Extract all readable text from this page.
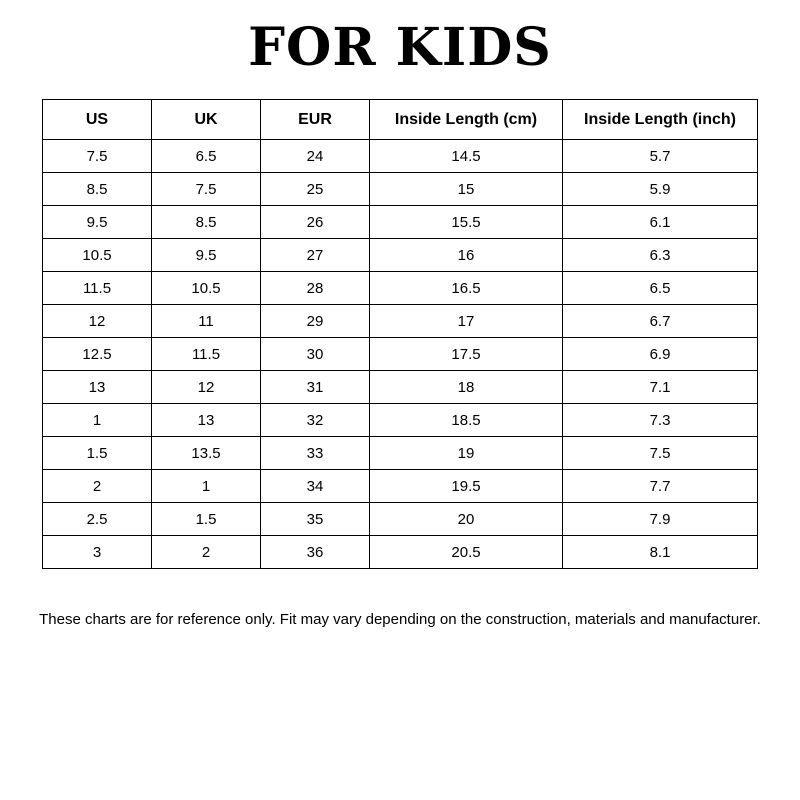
FOR KIDS
US	UK	EUR	Inside Length (cm)	Inside Length (inch)
7.5	6.5	24	14.5	5.7
8.5	7.5	25	15	5.9
9.5	8.5	26	15.5	6.1
10.5	9.5	27	16	6.3
11.5	10.5	28	16.5	6.5
12	11	29	17	6.7
12.5	11.5	30	17.5	6.9
13	12	31	18	7.1
1	13	32	18.5	7.3
1.5	13.5	33	19	7.5
2	1	34	19.5	7.7
2.5	1.5	35	20	7.9
3	2	36	20.5	8.1

These charts are for reference only. Fit may vary depending on the construction, materials and manufacturer.
